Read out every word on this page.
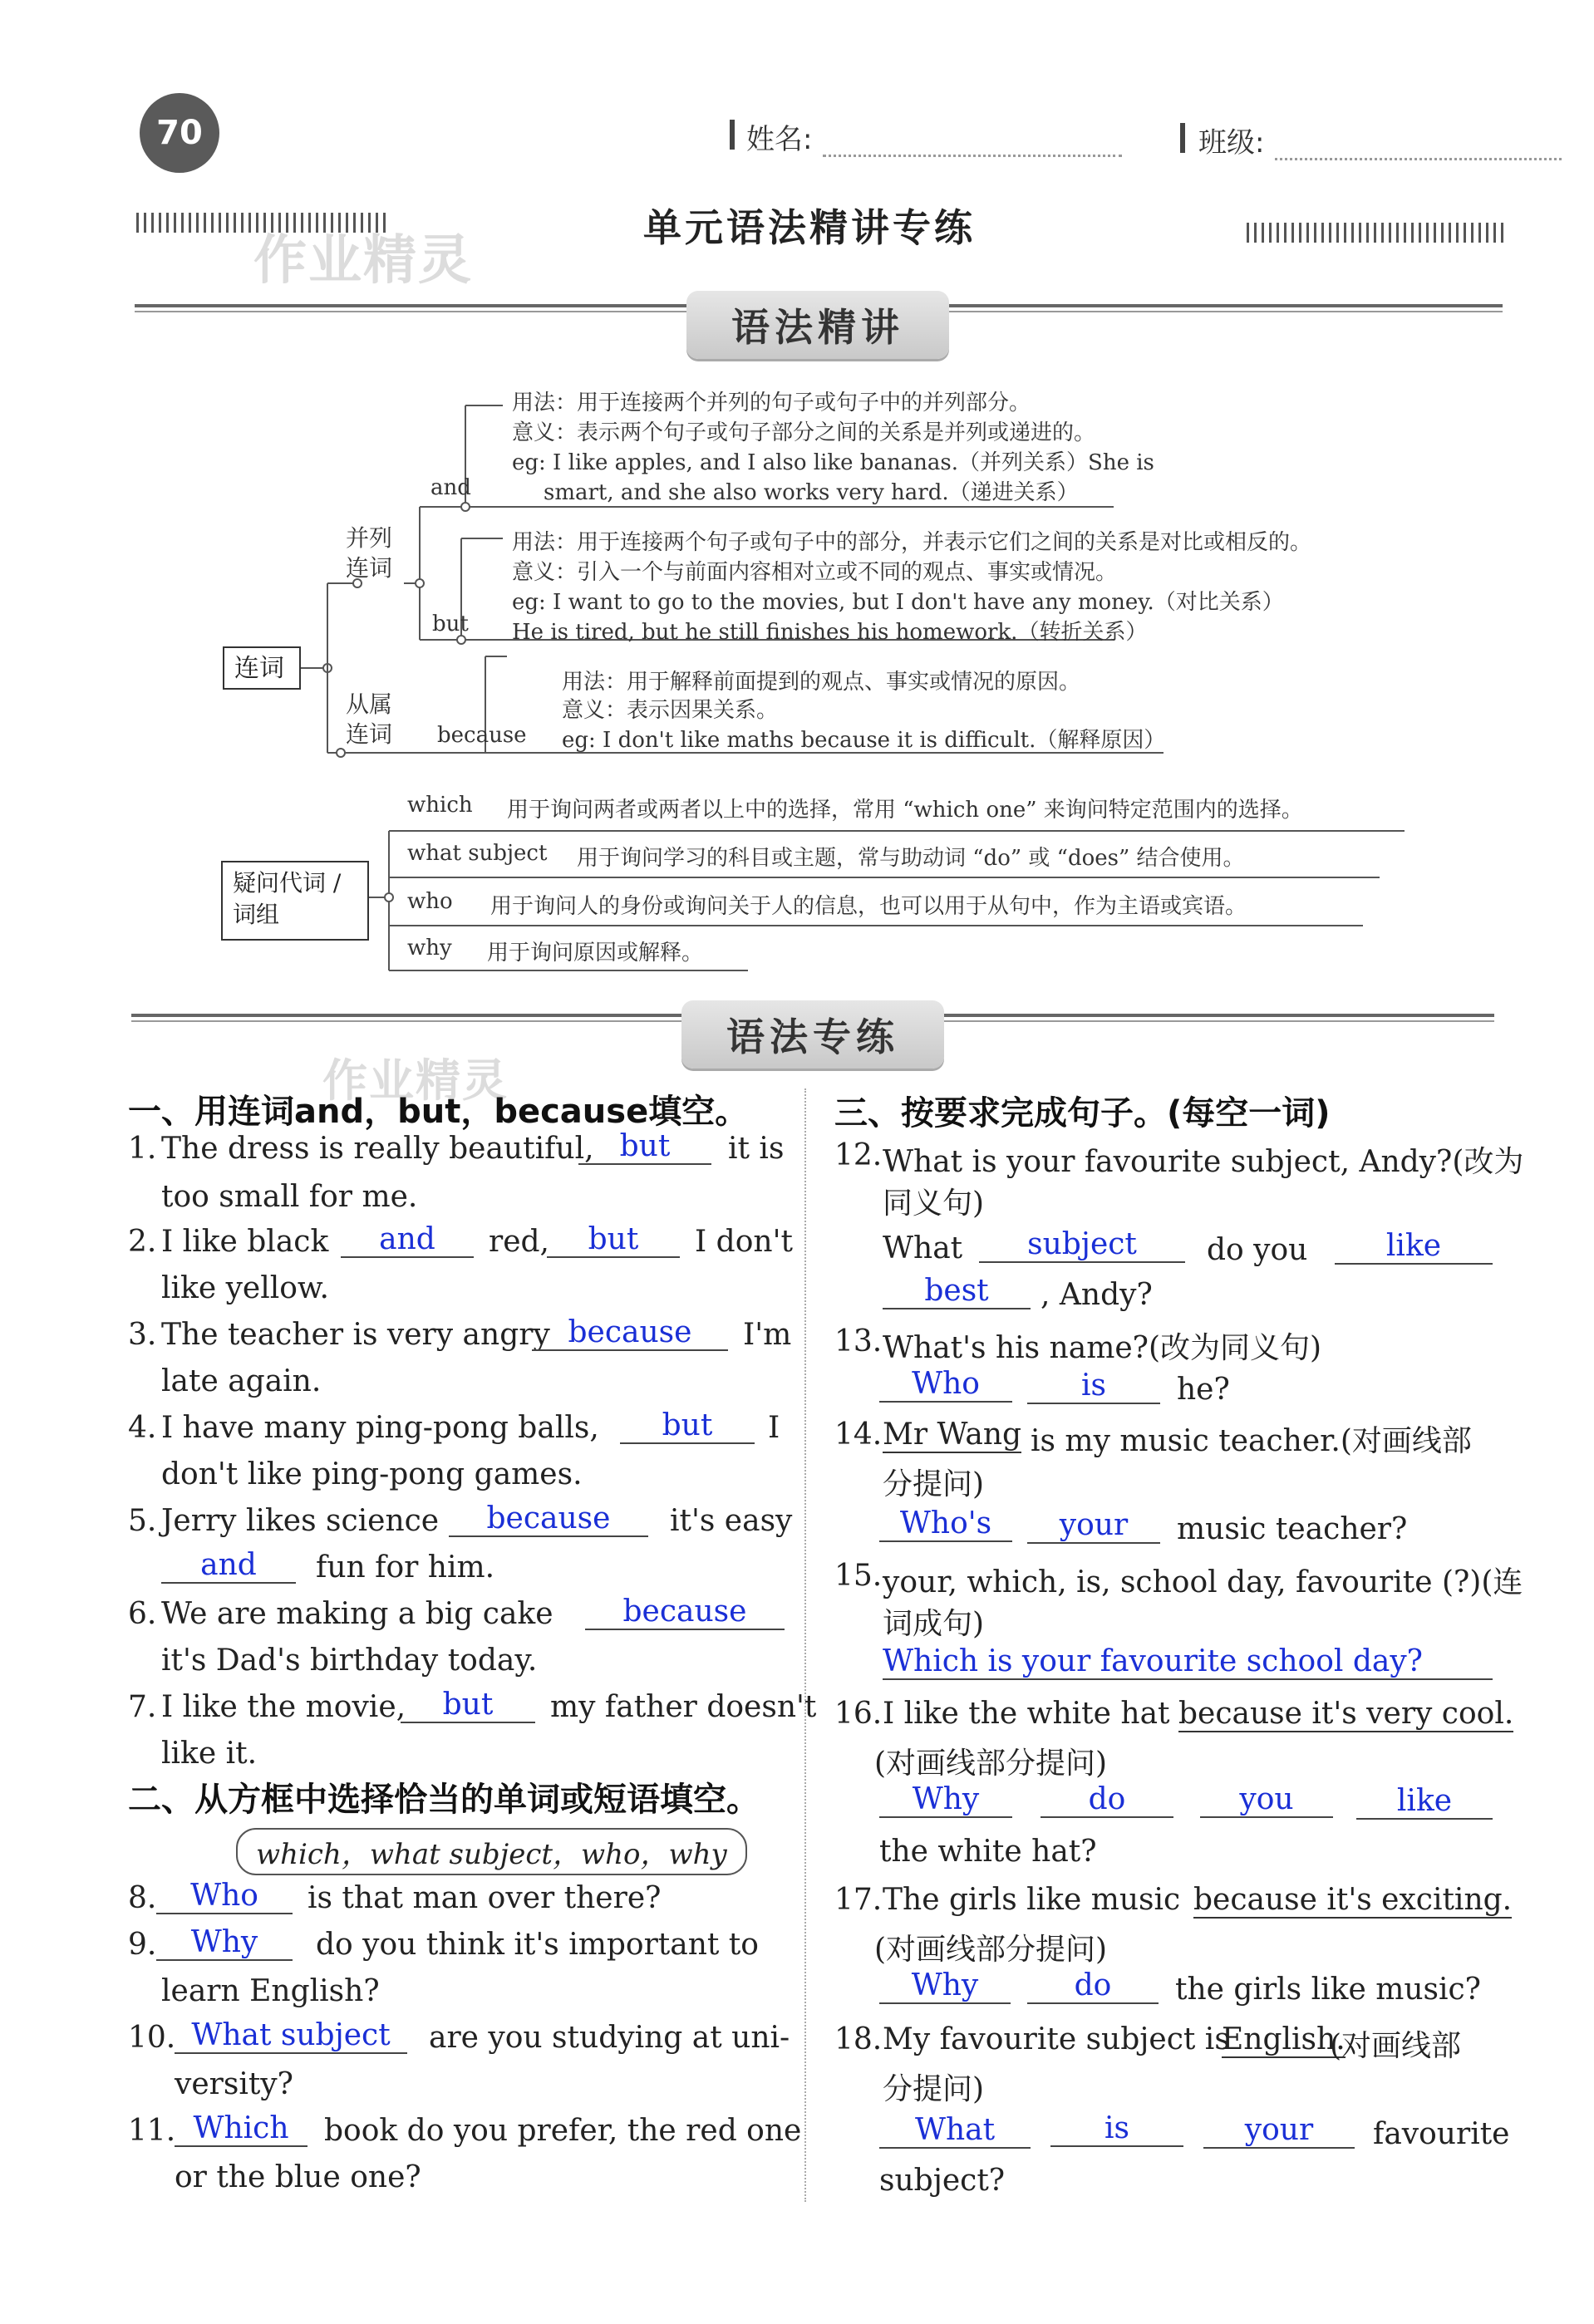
70	姓名:	班级:
单元语法精讲专练
作业精灵
语法精讲
连词
并列
连词
从属
连词
and
用法：用于连接两个并列的句子或句子中的并列部分。
意义：表示两个句子或句子部分之间的关系是并列或递进的。
eg: I like apples, and I also like bananas.（并列关系）She is
smart, and she also works very hard.（递进关系）
but
用法：用于连接两个句子或句子中的部分，并表示它们之间的关系是对比或相反的。
意义：引入一个与前面内容相对立或不同的观点、事实或情况。
eg: I want to go to the movies, but I don't have any money.（对比关系）
He is tired, but he still finishes his homework.（转折关系）
because
用法：用于解释前面提到的观点、事实或情况的原因。
意义：表示因果关系。
eg: I don't like maths because it is difficult.（解释原因）
疑问代词 /
词组
which 用于询问两者或两者以上中的选择，常用 “which one” 来询问特定范围内的选择。
what subject 用于询问学习的科目或主题，常与助动词 “do” 或 “does” 结合使用。
who 用于询问人的身份或询问关于人的信息，也可以用于从句中，作为主语或宾语。
why 用于询问原因或解释。
语法专练
作业精灵
一、用连词and，but，because填空。
1. The dress is really beautiful, but	it is
too small for me.
2. I like black	and	red,	but	I don't
like yellow.
3. The teacher is very angry because	I'm
late again.
4. I have many ping-pong balls,	but	I
don't like ping-pong games.
5. Jerry likes science	because	it's easy
and	fun for him.
6. We are making a big cake	because
it's Dad's birthday today.
7. I like the movie,	but	my father doesn't
like it.
二、从方框中选择恰当的单词或短语填空。
which，what subject，who，why
8.	Who	is that man over there?
9.	Why	do you think it's important to
learn English?
10. What subject	are you studying at uni-
versity?
11. Which	book do you prefer, the red one
or the blue one?
三、按要求完成句子。(每空一词)
12. What is your favourite subject, Andy?(改为
同义句)
What	subject	do you	like
best	, Andy?
13. What's his name?(改为同义句)
Who	is	he?
14. Mr Wang is my music teacher.(对画线部
分提问)
Who's	your	music teacher?
15. your, which, is, school day, favourite (?)(连
词成句)
Which is your favourite school day?
16. I like the white hat because it's very cool.
(对画线部分提问)
Why	do	you	like
the white hat?
17. The girls like music because it's exciting.
(对画线部分提问)
Why	do	the girls like music?
18. My favourite subject is
English.
(对画线部
分提问)
What	is	your	favourite
subject?
